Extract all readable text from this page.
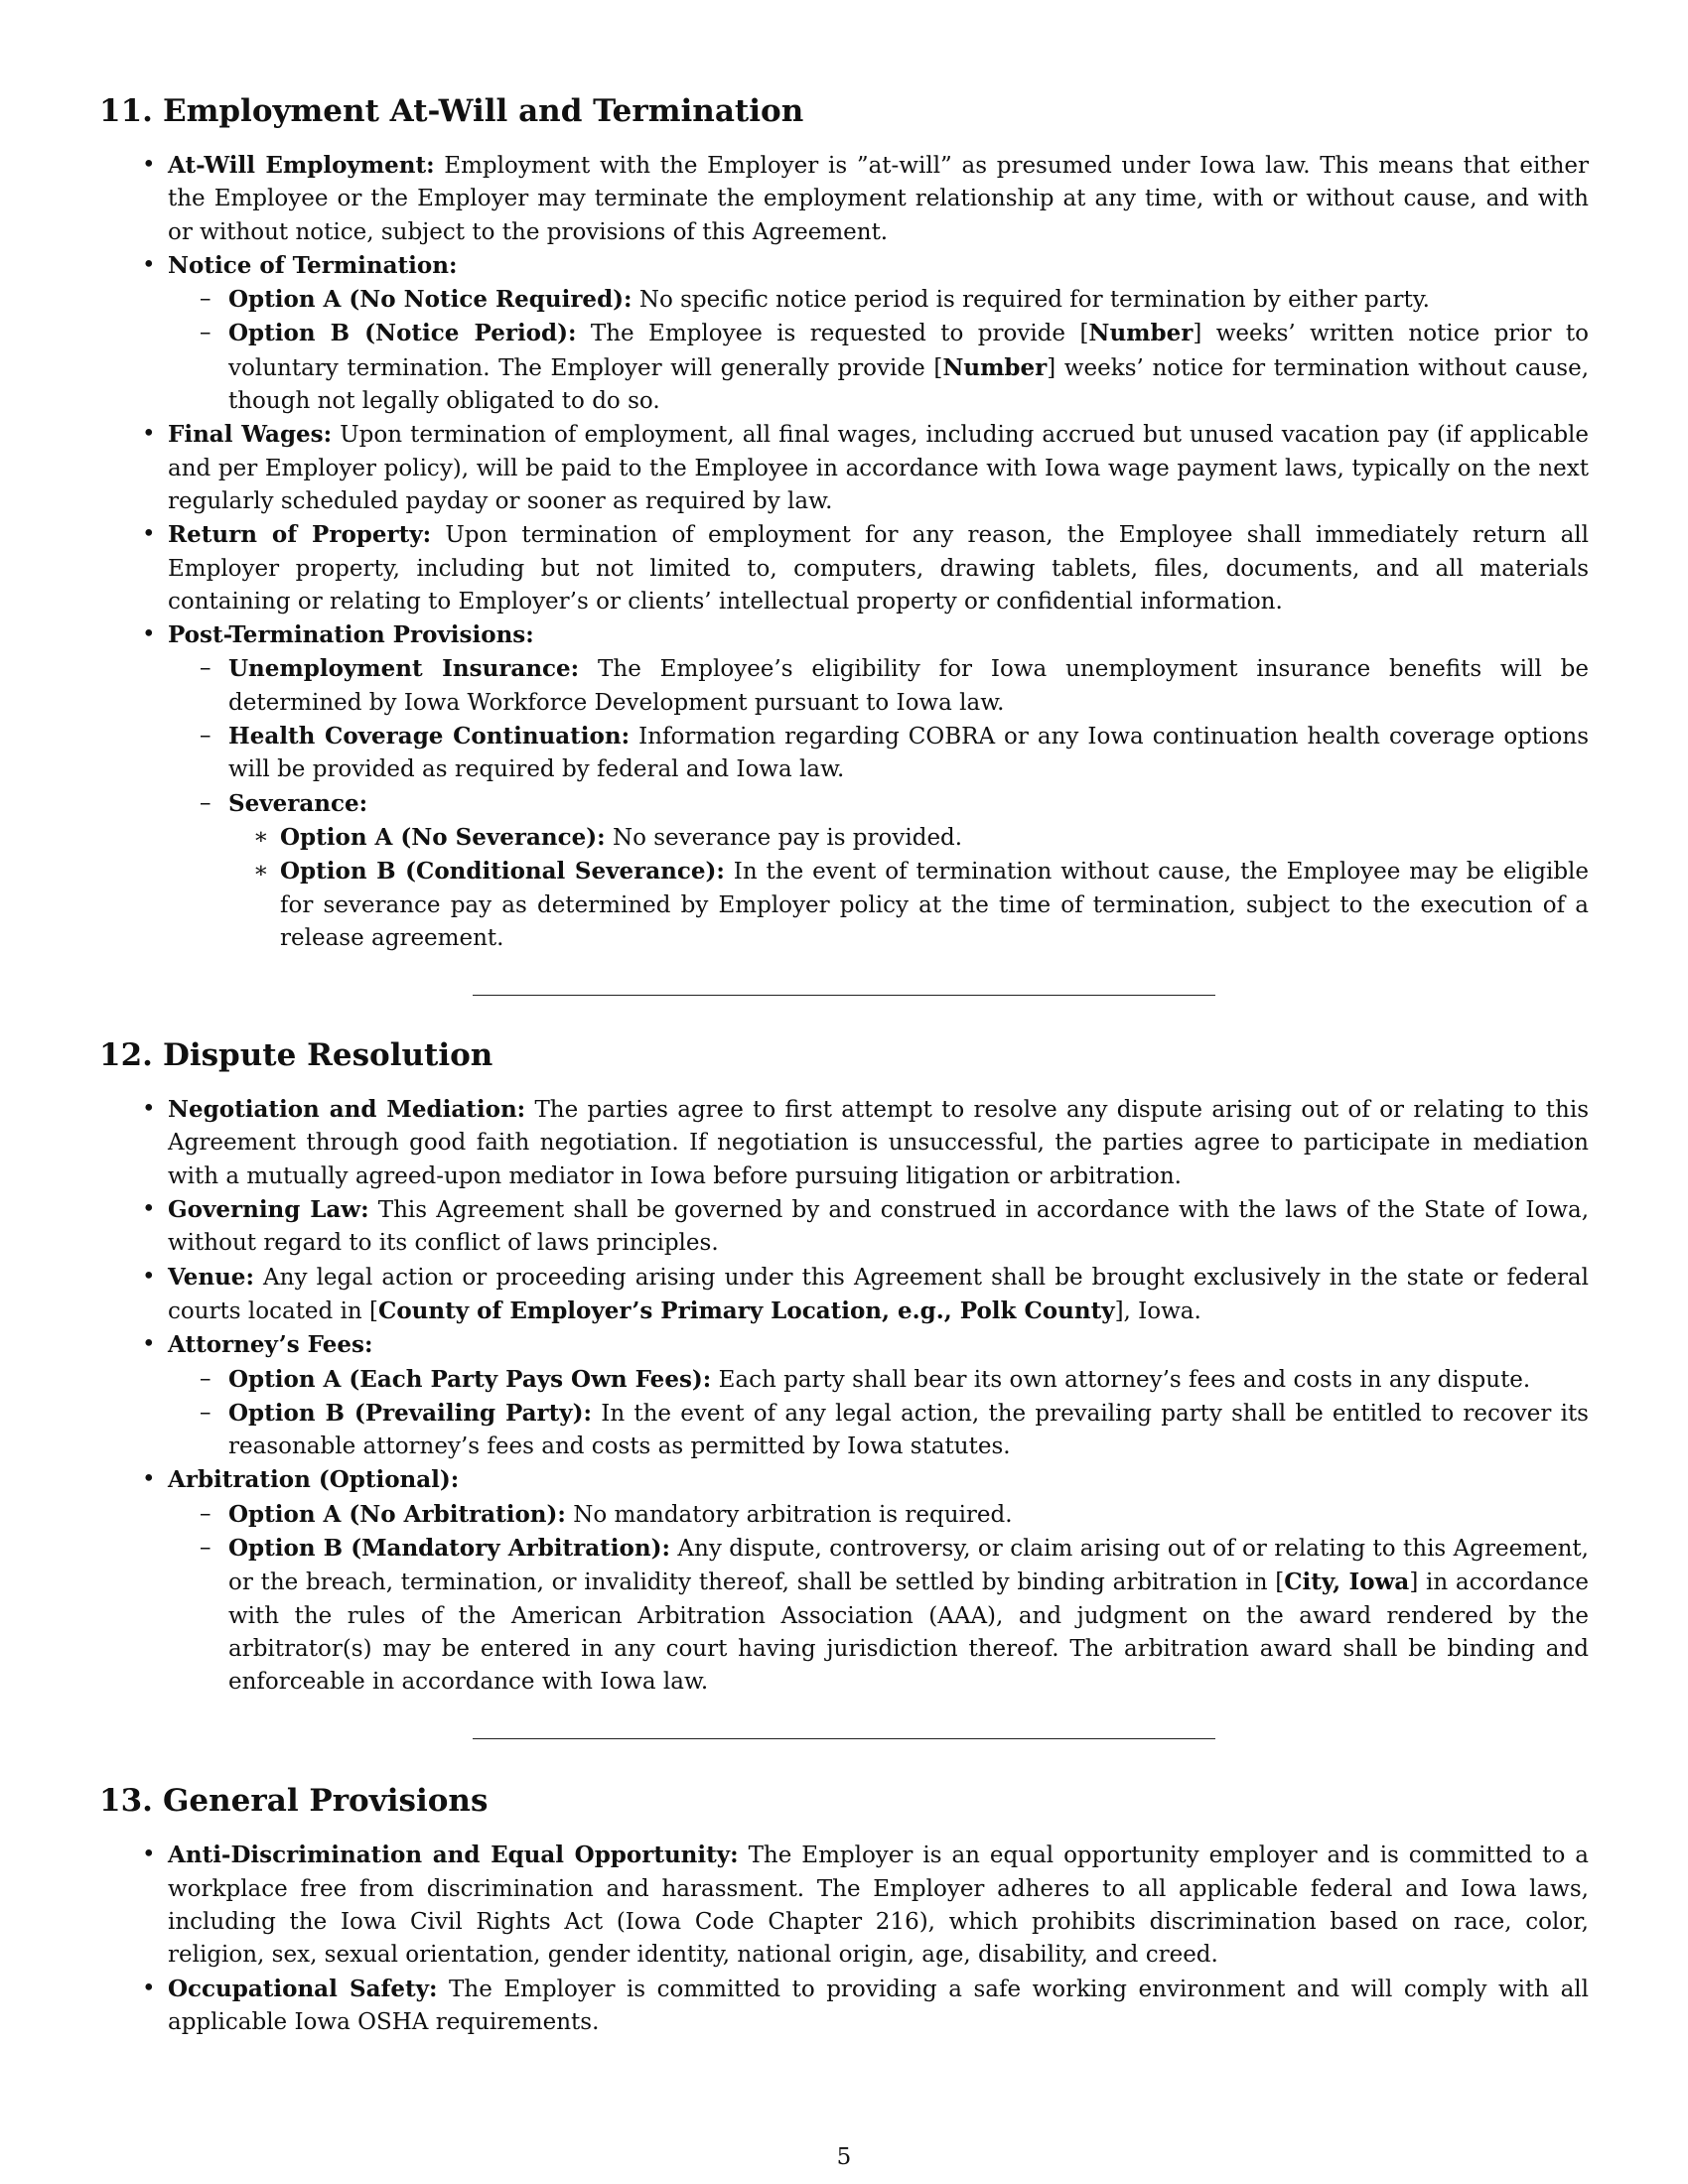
11. Employment At-Will and Termination
• At-Will Employment: Employment with the Employer is ”at-will” as presumed under Iowa law. This means that either the Employee or the Employer may terminate the employment relationship at any time, with or without cause, and with or without notice, subject to the provisions of this Agreement.
• Notice of Termination:
– Option A (No Notice Required): No specific notice period is required for termination by either party.
– Option B (Notice Period): The Employee is requested to provide [Number] weeks’ written notice prior to voluntary termination. The Employer will generally provide [Number] weeks’ notice for termination without cause, though not legally obligated to do so.
• Final Wages: Upon termination of employment, all final wages, including accrued but unused vacation pay (if applicable and per Employer policy), will be paid to the Employee in accordance with Iowa wage payment laws, typically on the next regularly scheduled payday or sooner as required by law.
• Return of Property: Upon termination of employment for any reason, the Employee shall immediately return all Employer property, including but not limited to, computers, drawing tablets, files, documents, and all materials containing or relating to Employer’s or clients’ intellectual property or confidential information.
• Post-Termination Provisions:
– Unemployment Insurance: The Employee’s eligibility for Iowa unemployment insurance benefits will be determined by Iowa Workforce Development pursuant to Iowa law.
– Health Coverage Continuation: Information regarding COBRA or any Iowa continuation health coverage options will be provided as required by federal and Iowa law.
– Severance:
∗ Option A (No Severance): No severance pay is provided.
∗ Option B (Conditional Severance): In the event of termination without cause, the Employee may be eligible for severance pay as determined by Employer policy at the time of termination, subject to the execution of a release agreement.
12. Dispute Resolution
• Negotiation and Mediation: The parties agree to first attempt to resolve any dispute arising out of or relating to this Agreement through good faith negotiation. If negotiation is unsuccessful, the parties agree to participate in mediation with a mutually agreed-upon mediator in Iowa before pursuing litigation or arbitration.
• Governing Law: This Agreement shall be governed by and construed in accordance with the laws of the State of Iowa, without regard to its conflict of laws principles.
• Venue: Any legal action or proceeding arising under this Agreement shall be brought exclusively in the state or federal courts located in [County of Employer’s Primary Location, e.g., Polk County], Iowa.
• Attorney’s Fees:
– Option A (Each Party Pays Own Fees): Each party shall bear its own attorney’s fees and costs in any dispute.
– Option B (Prevailing Party): In the event of any legal action, the prevailing party shall be entitled to recover its reasonable attorney’s fees and costs as permitted by Iowa statutes.
• Arbitration (Optional):
– Option A (No Arbitration): No mandatory arbitration is required.
– Option B (Mandatory Arbitration): Any dispute, controversy, or claim arising out of or relating to this Agreement, or the breach, termination, or invalidity thereof, shall be settled by binding arbitration in [City, Iowa] in accordance with the rules of the American Arbitration Association (AAA), and judgment on the award rendered by the arbitrator(s) may be entered in any court having jurisdiction thereof. The arbitration award shall be binding and enforceable in accordance with Iowa law.
13. General Provisions
• Anti-Discrimination and Equal Opportunity: The Employer is an equal opportunity employer and is committed to a workplace free from discrimination and harassment. The Employer adheres to all applicable federal and Iowa laws, including the Iowa Civil Rights Act (Iowa Code Chapter 216), which prohibits discrimination based on race, color, religion, sex, sexual orientation, gender identity, national origin, age, disability, and creed.
• Occupational Safety: The Employer is committed to providing a safe working environment and will comply with all applicable Iowa OSHA requirements.
5
